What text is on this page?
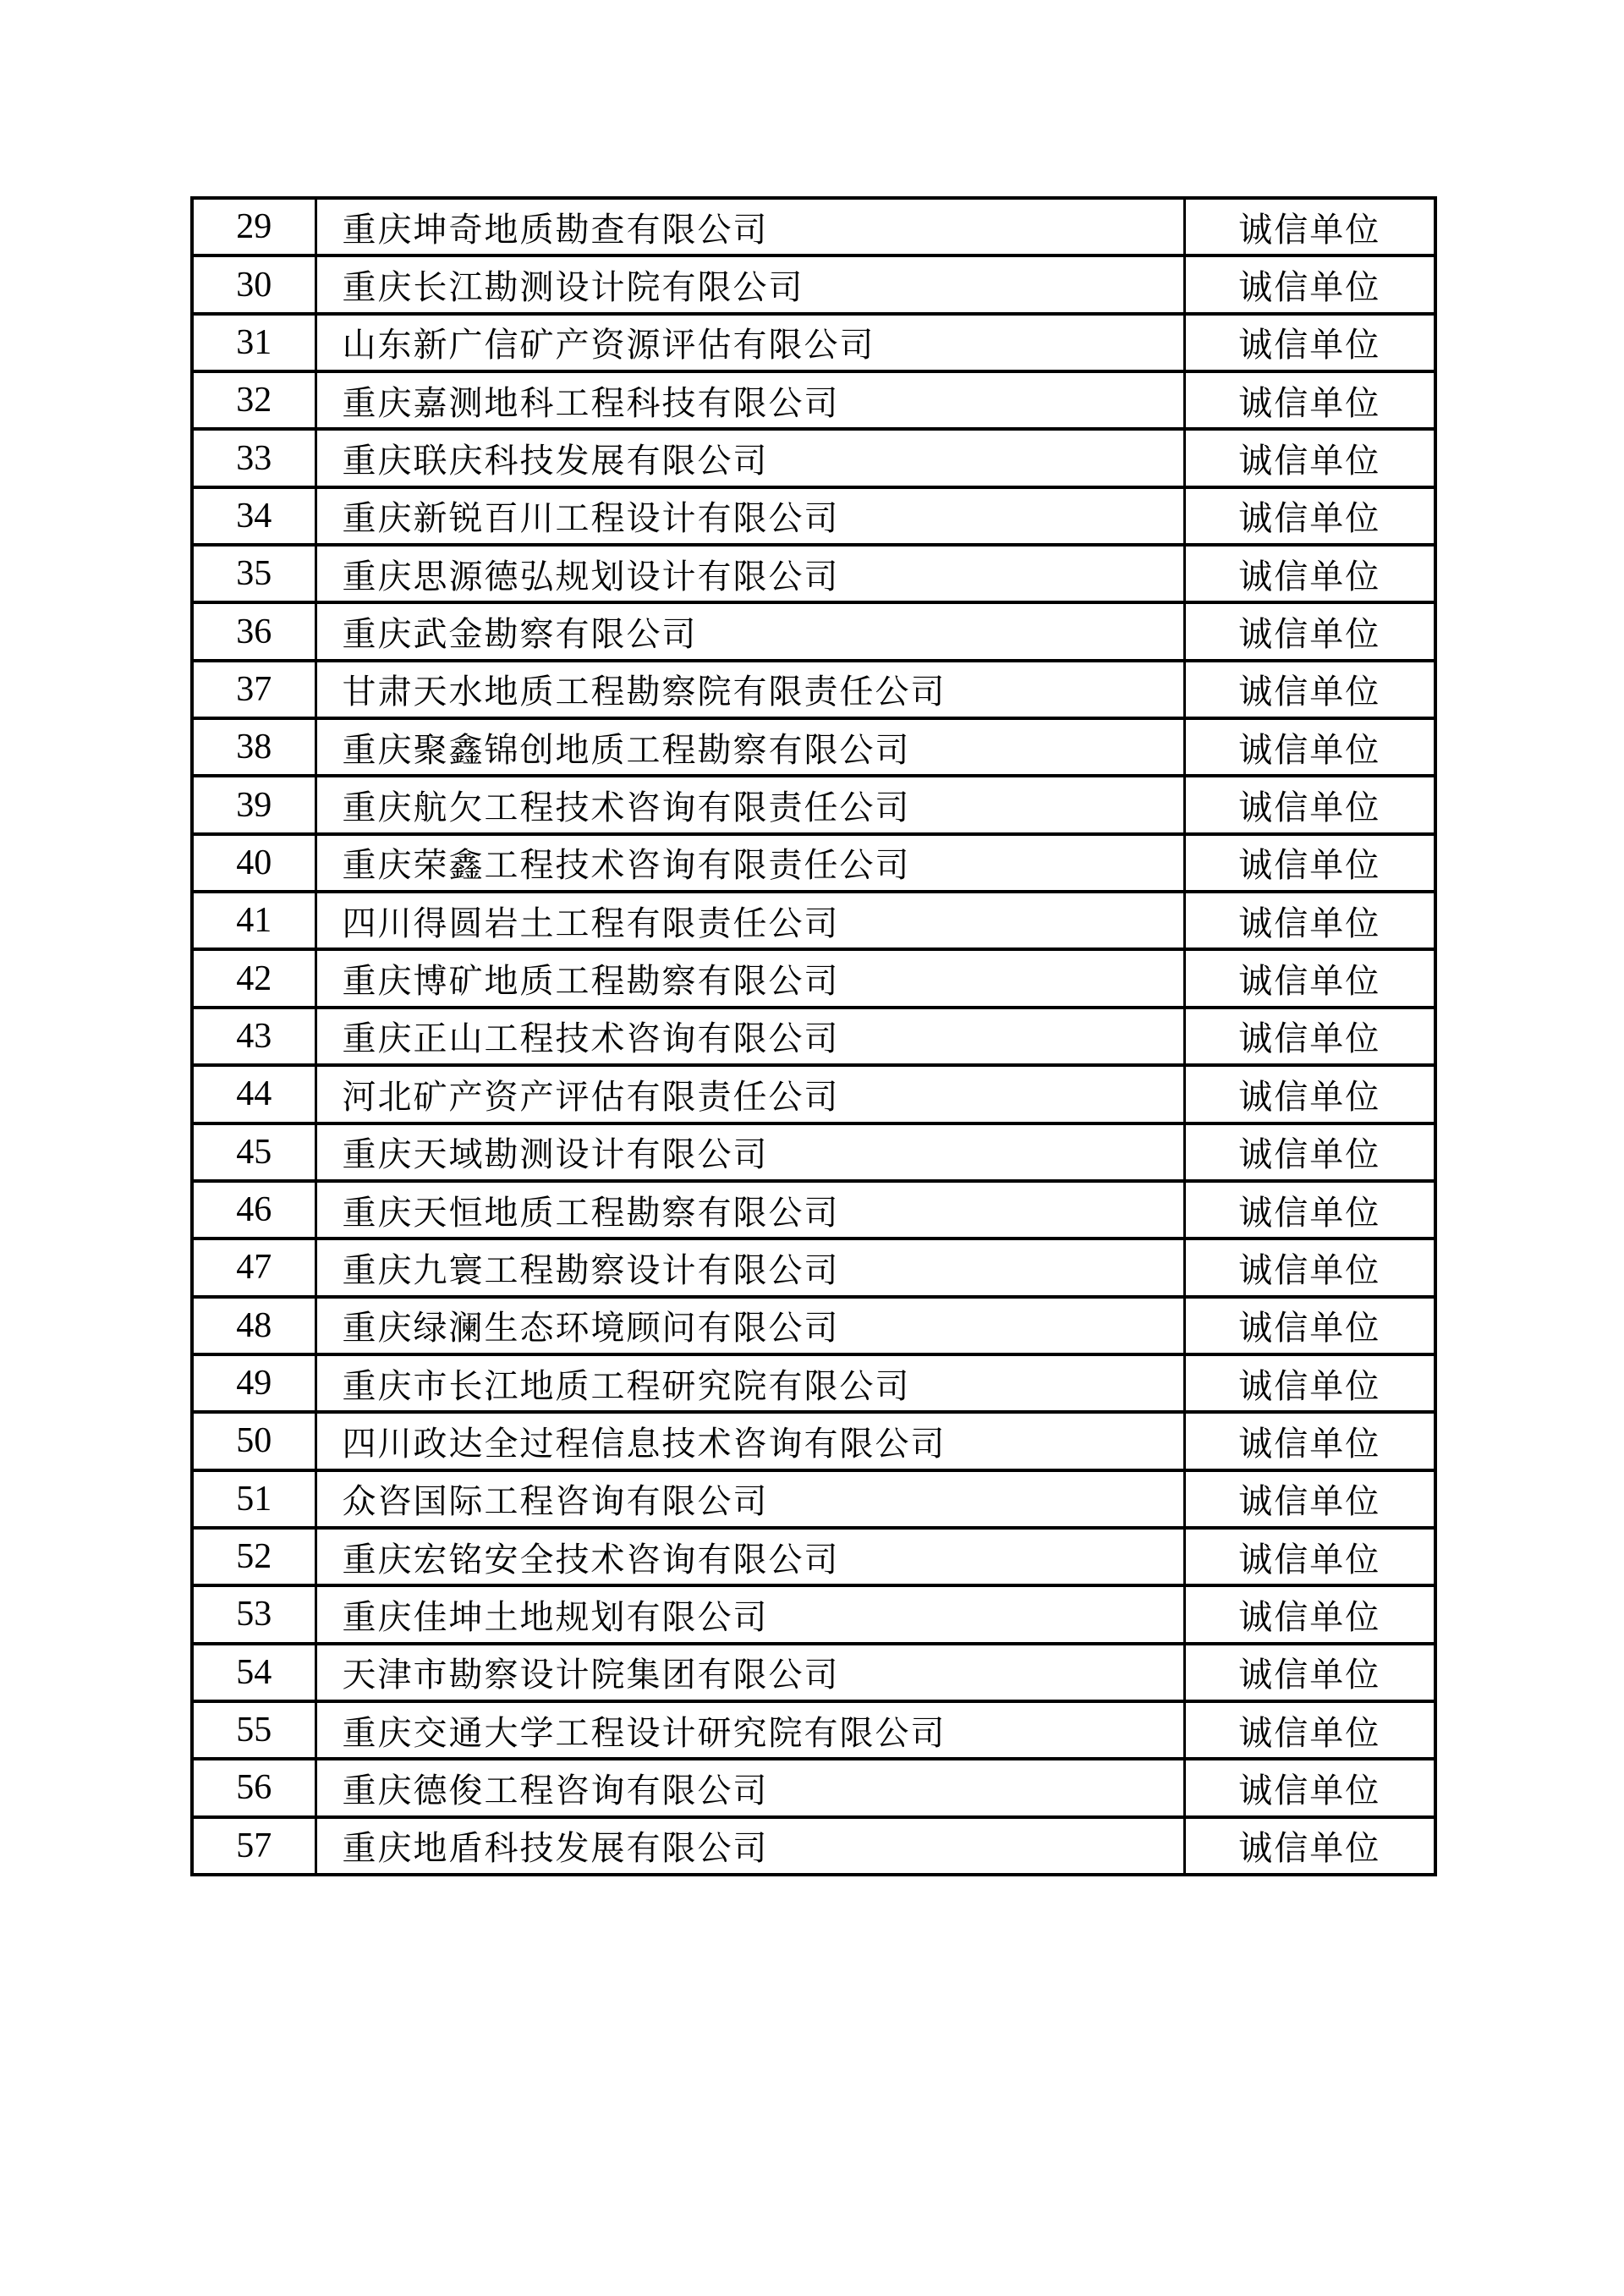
29	重庆坤奇地质勘查有限公司	诚信单位
30	重庆长江勘测设计院有限公司	诚信单位
31	山东新广信矿产资源评估有限公司	诚信单位
32	重庆嘉测地科工程科技有限公司	诚信单位
33	重庆联庆科技发展有限公司	诚信单位
34	重庆新锐百川工程设计有限公司	诚信单位
35	重庆思源德弘规划设计有限公司	诚信单位
36	重庆武金勘察有限公司	诚信单位
37	甘肃天水地质工程勘察院有限责任公司	诚信单位
38	重庆聚鑫锦创地质工程勘察有限公司	诚信单位
39	重庆航欠工程技术咨询有限责任公司	诚信单位
40	重庆荣鑫工程技术咨询有限责任公司	诚信单位
41	四川得圆岩土工程有限责任公司	诚信单位
42	重庆博矿地质工程勘察有限公司	诚信单位
43	重庆正山工程技术咨询有限公司	诚信单位
44	河北矿产资产评估有限责任公司	诚信单位
45	重庆天域勘测设计有限公司	诚信单位
46	重庆天恒地质工程勘察有限公司	诚信单位
47	重庆九寰工程勘察设计有限公司	诚信单位
48	重庆绿澜生态环境顾问有限公司	诚信单位
49	重庆市长江地质工程研究院有限公司	诚信单位
50	四川政达全过程信息技术咨询有限公司	诚信单位
51	众咨国际工程咨询有限公司	诚信单位
52	重庆宏铭安全技术咨询有限公司	诚信单位
53	重庆佳坤土地规划有限公司	诚信单位
54	天津市勘察设计院集团有限公司	诚信单位
55	重庆交通大学工程设计研究院有限公司	诚信单位
56	重庆德俊工程咨询有限公司	诚信单位
57	重庆地盾科技发展有限公司	诚信单位
